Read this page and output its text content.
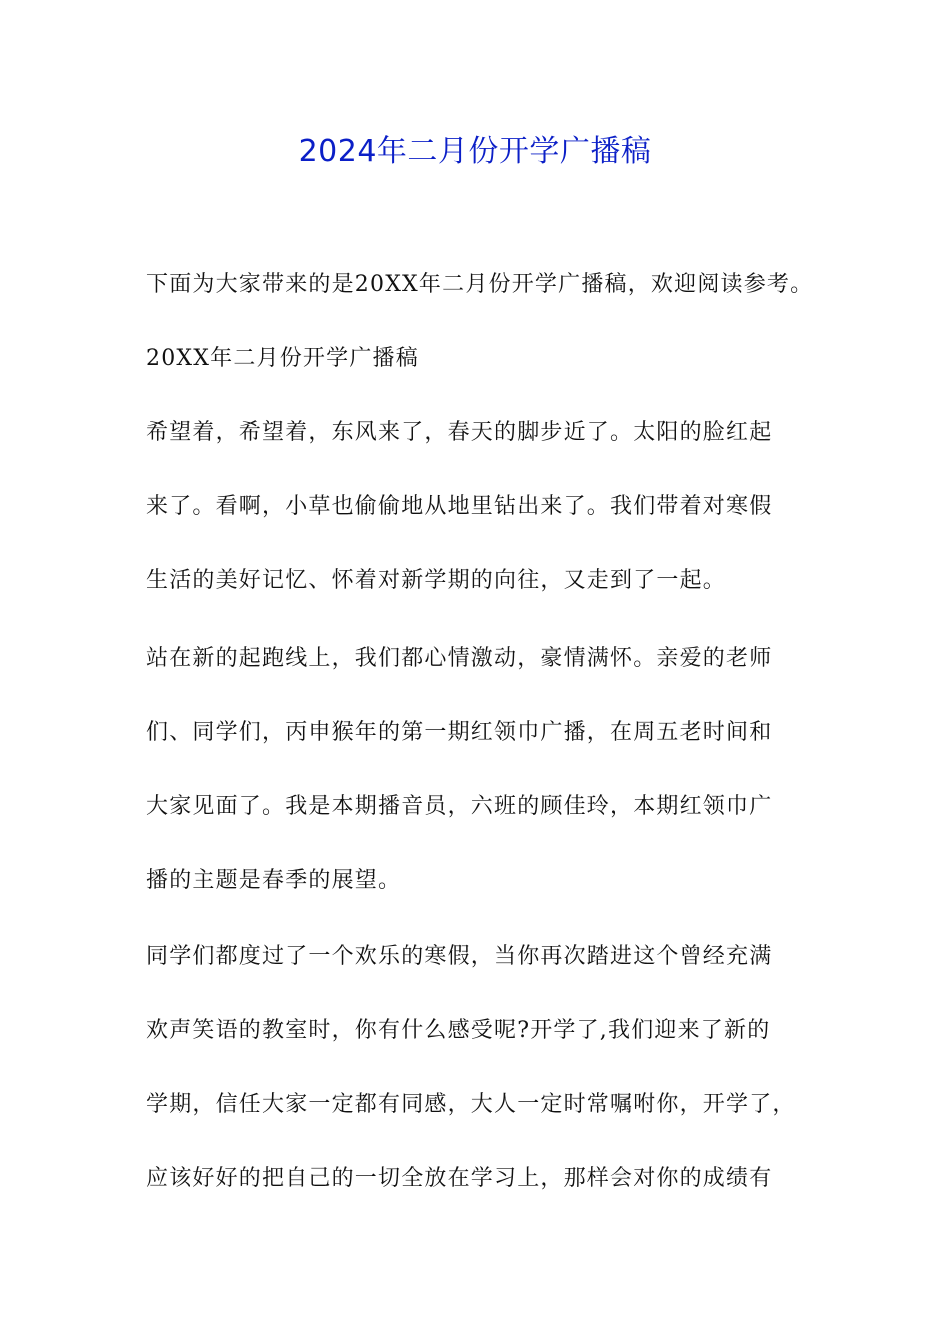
2024年二月份开学广播稿
下面为大家带来的是20XX年二月份开学广播稿，欢迎阅读参考。
20XX年二月份开学广播稿
希望着，希望着，东风来了，春天的脚步近了。太阳的脸红起
来了。看啊，小草也偷偷地从地里钻出来了。我们带着对寒假
生活的美好记忆、怀着对新学期的向往，又走到了一起。
站在新的起跑线上，我们都心情激动，豪情满怀。亲爱的老师
们、同学们，丙申猴年的第一期红领巾广播，在周五老时间和
大家见面了。我是本期播音员，六班的顾佳玲，本期红领巾广
播的主题是春季的展望。
同学们都度过了一个欢乐的寒假，当你再次踏进这个曾经充满
欢声笑语的教室时，你有什么感受呢?开学了,我们迎来了新的
学期，信任大家一定都有同感，大人一定时常嘱咐你，开学了，
应该好好的把自己的一切全放在学习上，那样会对你的成绩有
